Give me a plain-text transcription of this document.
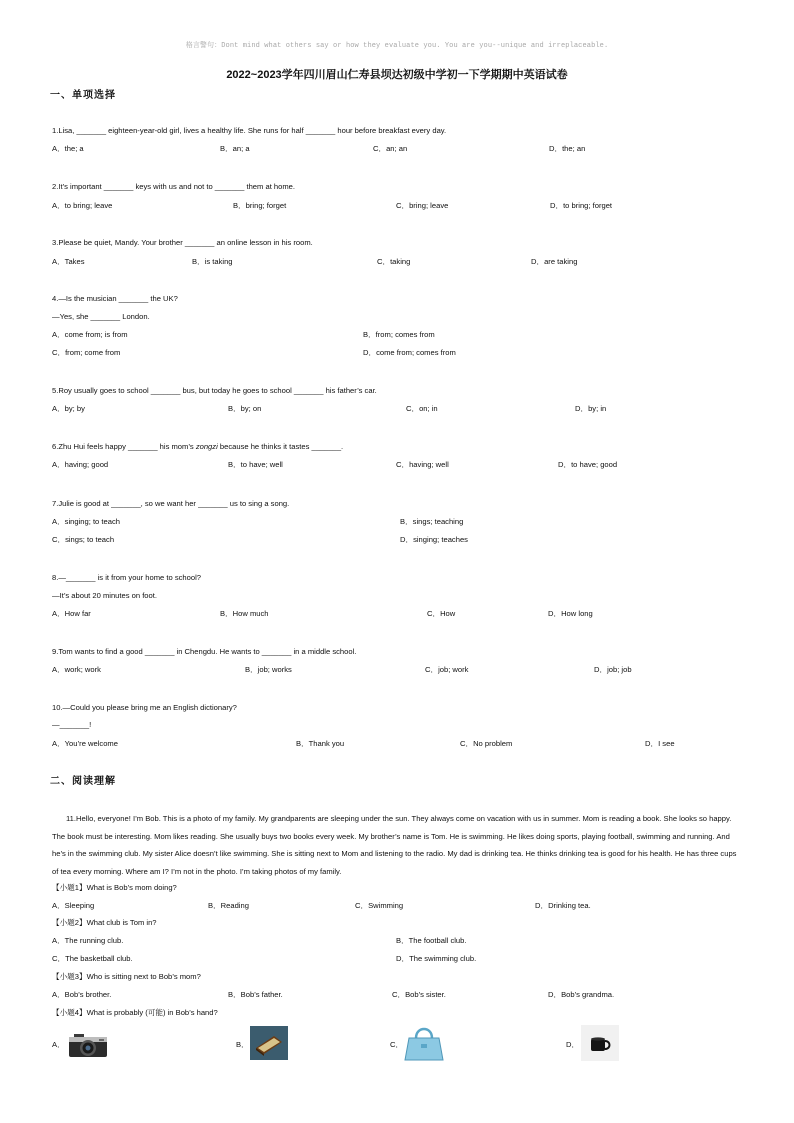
格言警句：Dont mind what others say or how they evaluate you. You are you--unique and irreplaceable.
2022~2023学年四川眉山仁寿县坝达初级中学初一下学期期中英语试卷
一、单项选择
1.Lisa, _______ eighteen-year-old girl, lives a healthy life. She runs for half _______ hour before breakfast every day.
A．the; a	B．an; a	C．an; an	D．the; an
2.It’s important _______ keys with us and not to _______ them at home.
A．to bring; leave	B．bring; forget	C．bring; leave	D．to bring; forget
3.Please be quiet, Mandy. Your brother _______ an online lesson in his room.
A．Takes	B．is taking	C．taking	D．are taking
4.—Is the musician _______ the UK?
—Yes, she _______ London.
A．come from; is from	B．from; comes from
C．from; come from	D．come from; comes from
5.Roy usually goes to school _______ bus, but today he goes to school _______ his father’s car.
A．by; by	B．by; on	C．on; in	D．by; in
6.Zhu Hui feels happy _______ his mom’s zongzi because he thinks it tastes _______.
A．having; good	B．to have; well	C．having; well	D．to have; good
7.Julie is good at _______, so we want her _______ us to sing a song.
A．singing; to teach	B．sings; teaching
C．sings; to teach	D．singing; teaches
8.—_______ is it from your home to school?
—It’s about 20 minutes on foot.
A．How far	B．How much	C．How	D．How long
9.Tom wants to find a good _______ in Chengdu. He wants to _______ in a middle school.
A．work; work	B．job; works	C．job; work	D．job; job
10.—Could you please bring me an English dictionary?
—_______!
A．You’re welcome	B．Thank you	C．No problem	D．I see
二、阅读理解
11.Hello, everyone! I’m Bob. This is a photo of my family. My grandparents are sleeping under the sun. They always come on vacation with us in summer. Mom is reading a book. She looks so happy. The book must be interesting. Mom likes reading. She usually buys two books every week. My brother’s name is Tom. He is swimming. He likes doing sports, playing football, swimming and running. And he’s in the swimming club. My sister Alice doesn’t like swimming. She is sitting next to Mom and listening to the radio. My dad is drinking tea. He thinks drinking tea is good for his health. He has three cups of tea every morning. Where am I? I’m not in the photo. I’m taking photos of my family.
【小题1】What is Bob’s mom doing?
A．Sleeping	B．Reading	C．Swimming	D．Drinking tea.
【小题2】What club is Tom in?
A．The running club.	B．The football club.
C．The basketball club.	D．The swimming club.
【小题3】Who is sitting next to Bob’s mom?
A．Bob’s brother.	B．Bob’s father.	C．Bob’s sister.	D．Bob’s grandma.
【小题4】What is probably (可能) in Bob’s hand?
A．	B．	C．	D．
